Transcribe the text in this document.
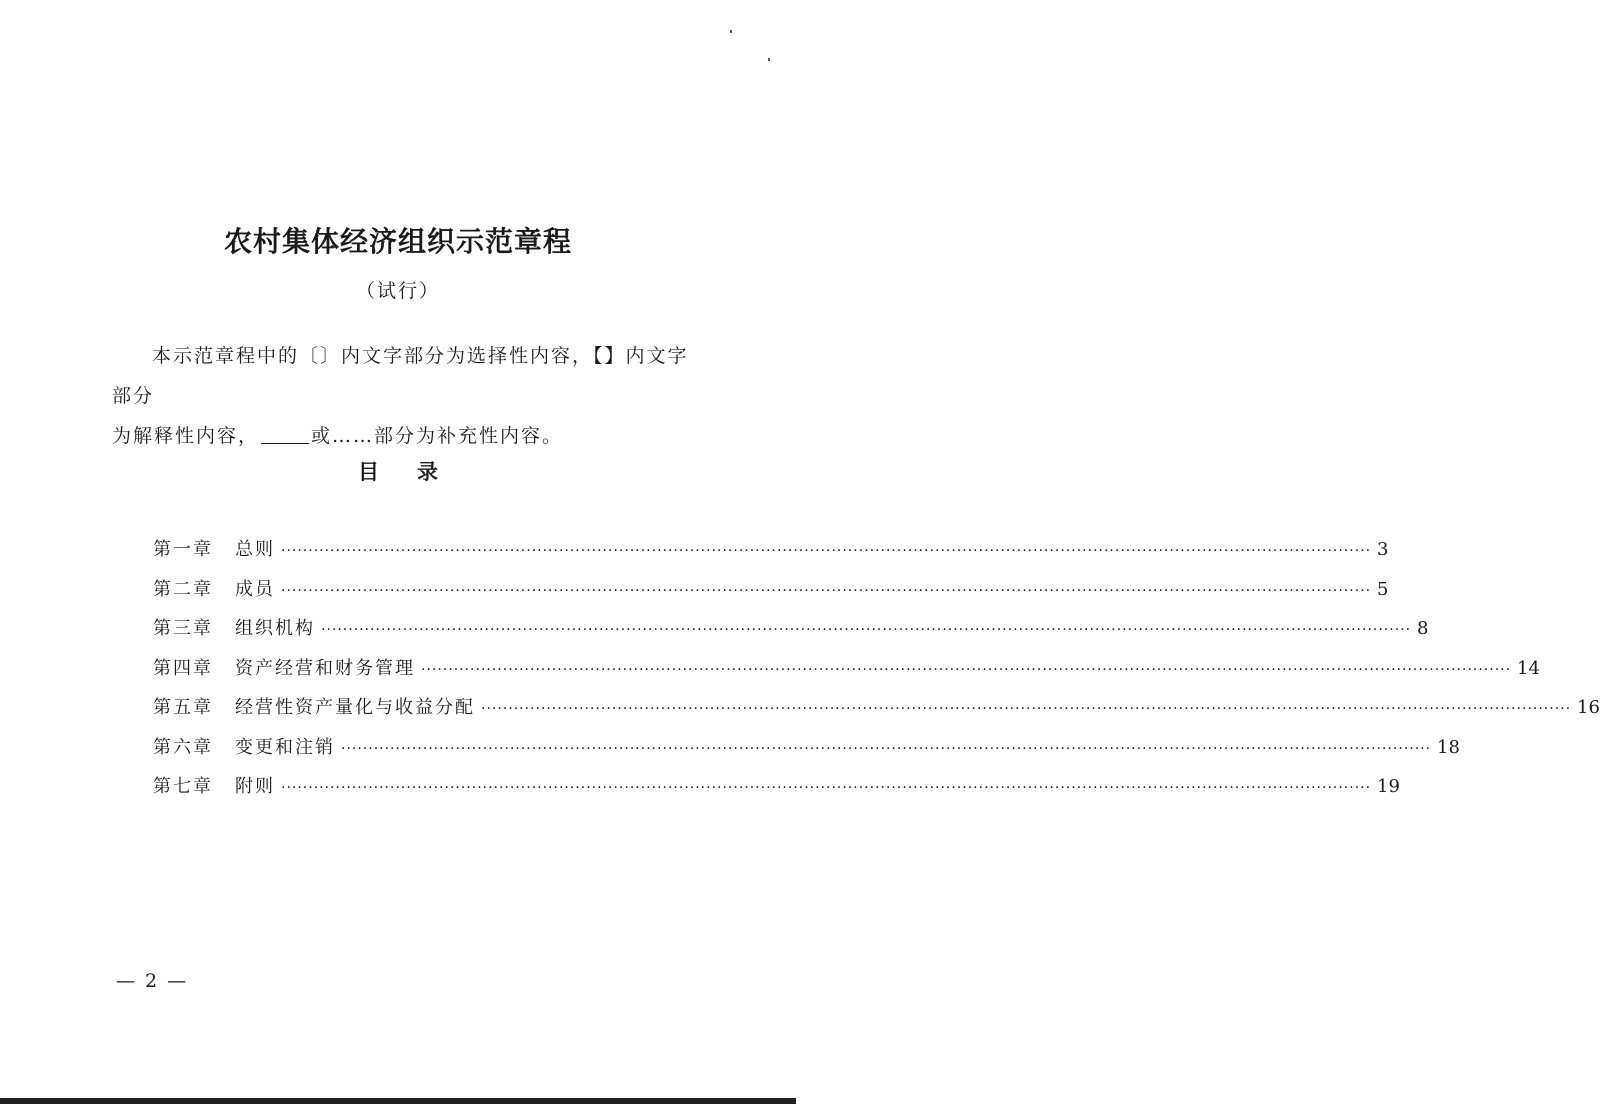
农村集体经济组织示范章程
（试行）

本示范章程中的〔〕内文字部分为选择性内容，【】内文字部分

为解释性内容，	或……部分为补充性内容。

目录
第一章	总则 ········································································································································································································ 3
第二章	成员 ········································································································································································································ 5
第三章	组织机构 ········································································································································································································ 8
第四章	资产经营和财务管理 ········································································································································································································ 14
第五章	经营性资产量化与收益分配 ········································································································································································································ 16
第六章	变更和注销 ········································································································································································································ 18
第七章	附则 ········································································································································································································ 19
— 2 —
